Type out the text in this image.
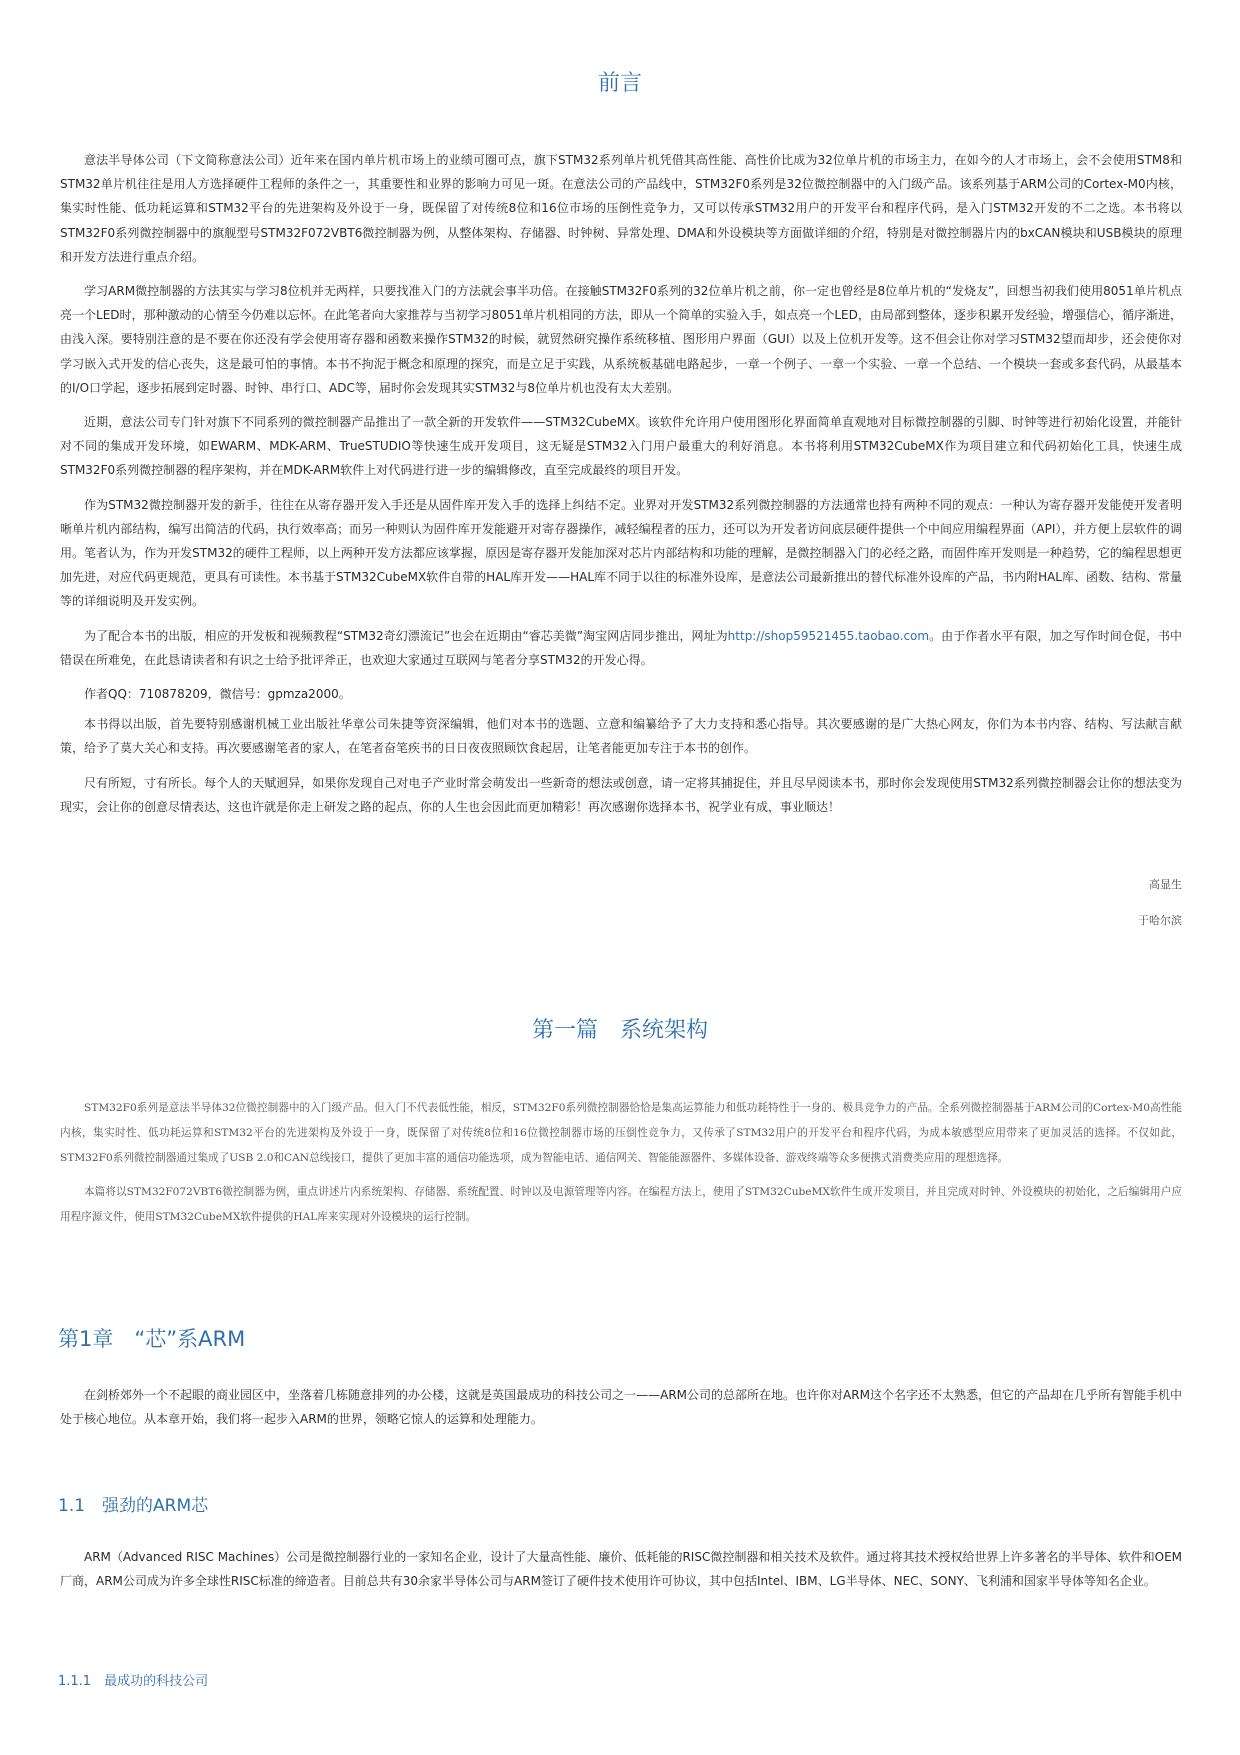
前言

意法半导体公司（下文简称意法公司）近年来在国内单片机市场上的业绩可圈可点，旗下STM32系列单片机凭借其高性能、高性价比成为32位单片机的市场主力，在如今的人才市场上，会不会使用STM8和STM32单片机往往是用人方选择硬件工程师的条件之一，其重要性和业界的影响力可见一斑。在意法公司的产品线中，STM32F0系列是32位微控制器中的入门级产品。该系列基于ARM公司的Cortex-M0内核，集实时性能、低功耗运算和STM32平台的先进架构及外设于一身，既保留了对传统8位和16位市场的压倒性竞争力，又可以传承STM32用户的开发平台和程序代码，是入门STM32开发的不二之选。本书将以STM32F0系列微控制器中的旗舰型号STM32F072VBT6微控制器为例，从整体架构、存储器、时钟树、异常处理、DMA和外设模块等方面做详细的介绍，特别是对微控制器片内的bxCAN模块和USB模块的原理和开发方法进行重点介绍。

学习ARM微控制器的方法其实与学习8位机并无两样，只要找准入门的方法就会事半功倍。在接触STM32F0系列的32位单片机之前，你一定也曾经是8位单片机的“发烧友”，回想当初我们使用8051单片机点亮一个LED时，那种激动的心情至今仍难以忘怀。在此笔者向大家推荐与当初学习8051单片机相同的方法，即从一个简单的实验入手，如点亮一个LED，由局部到整体，逐步积累开发经验，增强信心，循序渐进，由浅入深。要特别注意的是不要在你还没有学会使用寄存器和函数来操作STM32的时候，就贸然研究操作系统移植、图形用户界面（GUI）以及上位机开发等。这不但会让你对学习STM32望而却步，还会使你对学习嵌入式开发的信心丧失，这是最可怕的事情。本书不拘泥于概念和原理的探究，而是立足于实践，从系统板基础电路起步，一章一个例子、一章一个实验、一章一个总结、一个模块一套或多套代码，从最基本的I/O口学起，逐步拓展到定时器、时钟、串行口、ADC等，届时你会发现其实STM32与8位单片机也没有太大差别。

近期，意法公司专门针对旗下不同系列的微控制器产品推出了一款全新的开发软件——STM32CubeMX。该软件允许用户使用图形化界面简单直观地对目标微控制器的引脚、时钟等进行初始化设置，并能针对不同的集成开发环境，如EWARM、MDK-ARM、TrueSTUDIO等快速生成开发项目，这无疑是STM32入门用户最重大的利好消息。本书将利用STM32CubeMX作为项目建立和代码初始化工具，快速生成STM32F0系列微控制器的程序架构，并在MDK-ARM软件上对代码进行进一步的编辑修改，直至完成最终的项目开发。

作为STM32微控制器开发的新手，往往在从寄存器开发入手还是从固件库开发入手的选择上纠结不定。业界对开发STM32系列微控制器的方法通常也持有两种不同的观点：一种认为寄存器开发能使开发者明晰单片机内部结构，编写出简洁的代码，执行效率高；而另一种则认为固件库开发能避开对寄存器操作，减轻编程者的压力，还可以为开发者访问底层硬件提供一个中间应用编程界面（API），并方便上层软件的调用。笔者认为，作为开发STM32的硬件工程师，以上两种开发方法都应该掌握，原因是寄存器开发能加深对芯片内部结构和功能的理解，是微控制器入门的必经之路，而固件库开发则是一种趋势，它的编程思想更加先进，对应代码更规范，更具有可读性。本书基于STM32CubeMX软件自带的HAL库开发——HAL库不同于以往的标准外设库，是意法公司最新推出的替代标准外设库的产品，书内附HAL库、函数、结构、常量等的详细说明及开发实例。

为了配合本书的出版，相应的开发板和视频教程“STM32奇幻漂流记”也会在近期由“睿芯美微”淘宝网店同步推出，网址为http://shop59521455.taobao.com。由于作者水平有限，加之写作时间仓促，书中错误在所难免，在此恳请读者和有识之士给予批评斧正，也欢迎大家通过互联网与笔者分享STM32的开发心得。

作者QQ：710878209，微信号：gpmza2000。

本书得以出版，首先要特别感谢机械工业出版社华章公司朱捷等资深编辑，他们对本书的选题、立意和编纂给予了大力支持和悉心指导。其次要感谢的是广大热心网友，你们为本书内容、结构、写法献言献策，给予了莫大关心和支持。再次要感谢笔者的家人，在笔者奋笔疾书的日日夜夜照顾饮食起居，让笔者能更加专注于本书的创作。

尺有所短，寸有所长。每个人的天赋迥异，如果你发现自己对电子产业时常会萌发出一些新奇的想法或创意，请一定将其捕捉住，并且尽早阅读本书，那时你会发现使用STM32系列微控制器会让你的想法变为现实，会让你的创意尽情表达，这也许就是你走上研发之路的起点，你的人生也会因此而更加精彩！再次感谢你选择本书，祝学业有成，事业顺达！

高显生
于哈尔滨
第一篇　系统架构

STM32F0系列是意法半导体32位微控制器中的入门级产品。但入门不代表低性能，相反，STM32F0系列微控制器恰恰是集高运算能力和低功耗特性于一身的、极具竞争力的产品。全系列微控制器基于ARM公司的Cortex-M0高性能内核，集实时性、低功耗运算和STM32平台的先进架构及外设于一身，既保留了对传统8位和16位微控制器市场的压倒性竞争力，又传承了STM32用户的开发平台和程序代码，为成本敏感型应用带来了更加灵活的选择。不仅如此，STM32F0系列微控制器通过集成了USB 2.0和CAN总线接口，提供了更加丰富的通信功能选项，成为智能电话、通信网关、智能能源器件、多媒体设备、游戏终端等众多便携式消费类应用的理想选择。

本篇将以STM32F072VBT6微控制器为例，重点讲述片内系统架构、存储器、系统配置、时钟以及电源管理等内容。在编程方法上，使用了STM32CubeMX软件生成开发项目，并且完成对时钟、外设模块的初始化，之后编辑用户应用程序源文件，使用STM32CubeMX软件提供的HAL库来实现对外设模块的运行控制。

第1章　“芯”系ARM

在剑桥郊外一个不起眼的商业园区中，坐落着几栋随意排列的办公楼，这就是英国最成功的科技公司之一——ARM公司的总部所在地。也许你对ARM这个名字还不太熟悉，但它的产品却在几乎所有智能手机中处于核心地位。从本章开始，我们将一起步入ARM的世界，领略它惊人的运算和处理能力。

1.1　强劲的ARM芯

ARM（Advanced RISC Machines）公司是微控制器行业的一家知名企业，设计了大量高性能、廉价、低耗能的RISC微控制器和相关技术及软件。通过将其技术授权给世界上许多著名的半导体、软件和OEM厂商，ARM公司成为许多全球性RISC标准的缔造者。目前总共有30余家半导体公司与ARM签订了硬件技术使用许可协议，其中包括Intel、IBM、LG半导体、NEC、SONY、飞利浦和国家半导体等知名企业。

1.1.1　最成功的科技公司
